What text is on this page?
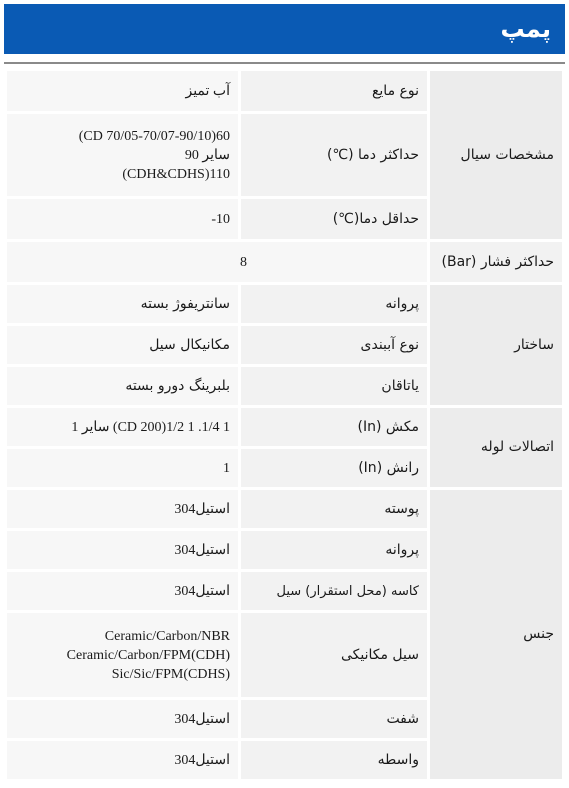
پمپ
مشخصات سیال	نوع مایع	آب تمیز
	حداکثر دما (℃)	60(CD 70/05-70/07-90/10)
سایر 90
110(CDH&CDHS)
	حداقل دما(℃)	-10
حداکثر فشار (Bar)	8	
ساختار	پروانه	سانتریفوژ بسته
	نوع آببندی	مکانیکال سیل
	یاتاقان	بلبرینگ دورو بسته
اتصالات لوله	مکش (In)	1 1/4. 1 1/2(CD 200) سایر 1
	رانش (In)	1
جنس	پوسته	استیل304
	پروانه	استیل304
	کاسه (محل استقرار) سیل	استیل304
	سیل مکانیکی	Ceramic/Carbon/NBR
Ceramic/Carbon/FPM(CDH)
Sic/Sic/FPM(CDHS)
	شفت	استیل304
	واسطه	استیل304
